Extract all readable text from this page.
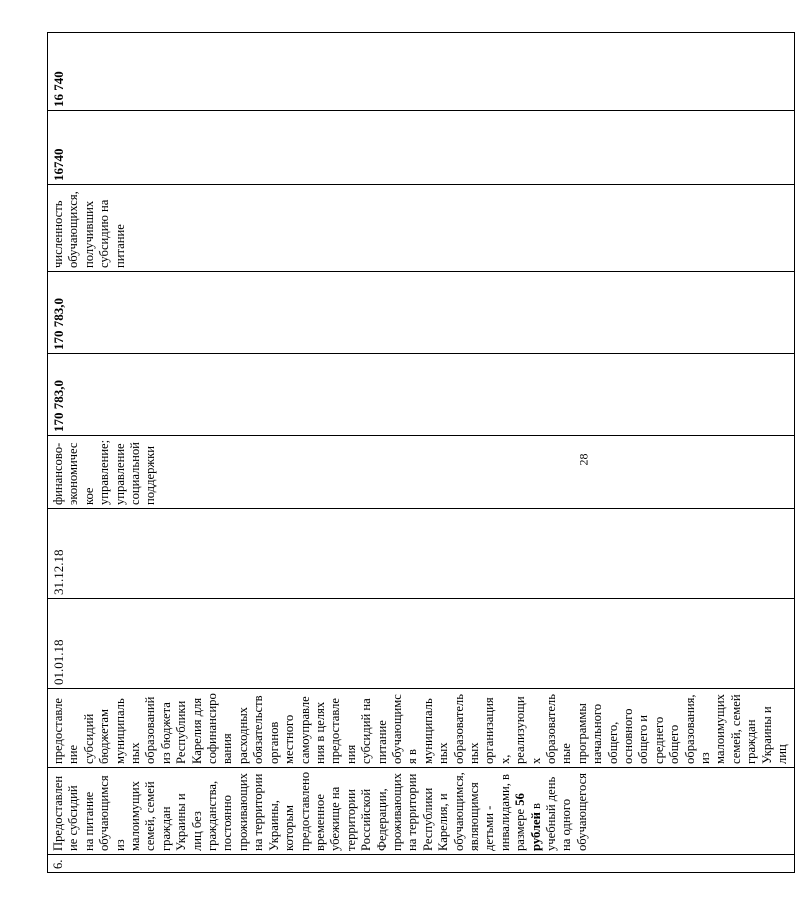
6.	Предоставление субсидий на питание обучающимся из малоимущих семей, семей граждан Украины и лиц без гражданства, постоянно проживающих на территории Украины, которым предоставлено временное убежище на территории Российской Федерации, проживающих на территории Республики Карелия, и обучающимся, являющимся детьми - инвалидами, в размере 56 рублей в учебный день на одного обучающегося	предоставление субсидий бюджетам муниципальных образований из бюджета Республики Карелия для софинансирования расходных обязательств органов местного самоуправления в целях предоставления субсидий на питание обучающимся в муниципальных образовательных организациях, реализующих образовательные программы начального общего, основного общего и среднего общего образования, из малоимущих семей, семей граждан Украины и лиц	01.01.18	31.12.18	финансово-экономическое управление; управление социальной поддержки	170 783,0	170 783,0	численность обучающихся, получивших субсидию на питание	16740	16 740
28
